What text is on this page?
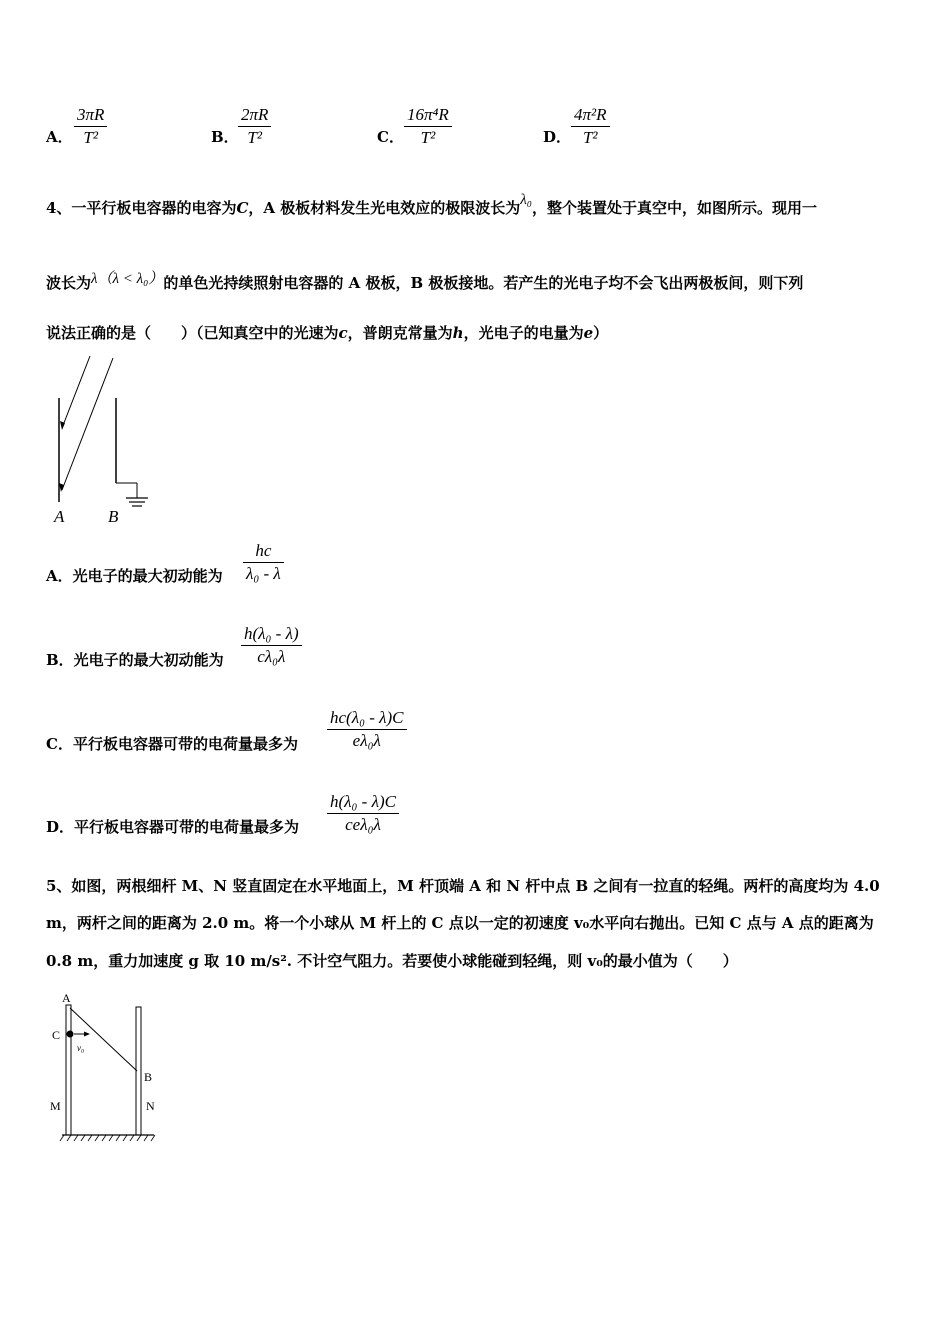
A． $\frac{3\pi R}{\text{T²}}$	B． $\frac{2\pi R}{\text{T²}}$	C． $\frac{\text{16π⁴R}}{\text{T²}}$	D． $\frac{\text{4π²R}}{\text{T²}}$
4、一平行板电容器的电容为C，A 极板材料发生光电效应的极限波长为λ₀，整个装置处于真空中，如图所示。现用一
波长为λ（λ < λ₀）的单色光持续照射电容器的 A 极板，B 极板接地。若产生的光电子均不会飞出两极板间，则下列
说法正确的是（　　）（已知真空中的光速为c，普朗克常量为h，光电子的电量为e）
A	B
A．光电子的最大初动能为 $\frac{hc}{\text{λ₀ - λ}}$
B．光电子的最大初动能为 $\frac{\text{h(λ₀ - λ)}}{\text{cλ₀λ}}$
C．平行板电容器可带的电荷量最多为 $\frac{\text{hc(λ₀ - λ)C}}{\text{eλ₀λ}}$
D．平行板电容器可带的电荷量最多为
h(λ₀ - λ)C
ceλ₀λ
5、如图，两根细杆 M、N 竖直固定在水平地面上，M 杆顶端 A 和 N 杆中点 B 之间有一拉直的轻绳。两杆的高度均为 4.0
m，两杆之间的距离为 2.0 m。将一个小球从 M 杆上的 C 点以一定的初速度 v₀水平向右抛出。已知 C 点与 A 点的距离为
0.8 m，重力加速度 g 取 10 m/s². 不计空气阻力。若要使小球能碰到轻绳，则 v₀的最小值为（　　）
A
C
v₀
B
M	N
